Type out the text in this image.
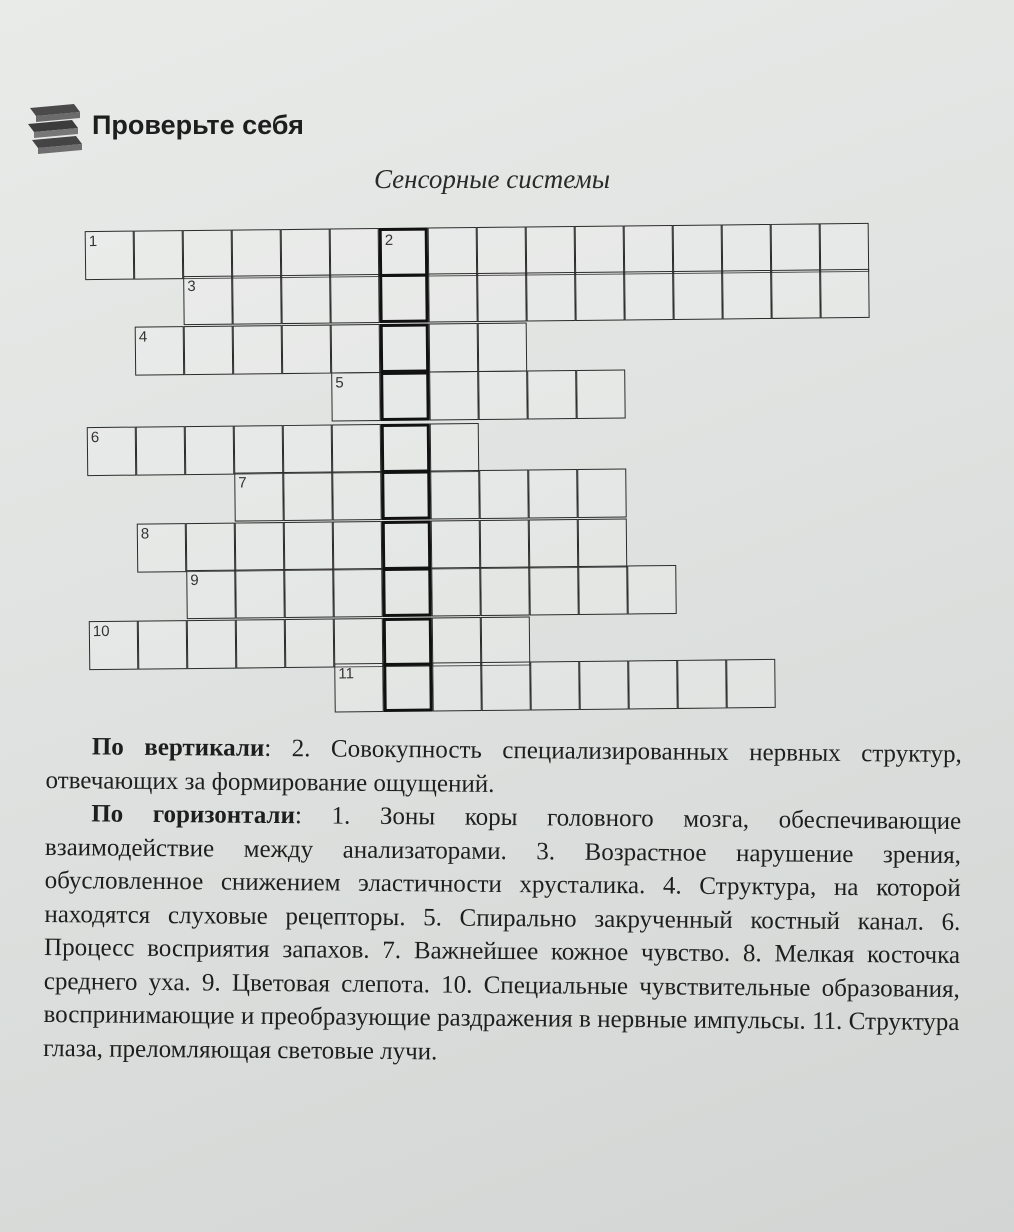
Проверьте себя
Сенсорные системы
1	2
3
4
5
6
7
8
9
10
11

По вертикали: 2. Совокупность специализированных нервных структур, отвечающих за формирование ощущений.

По горизонтали: 1. Зоны коры головного мозга, обеспечивающие взаимодействие между анализаторами. 3. Возрастное нарушение зрения, обусловленное снижением эластичности хрусталика. 4. Структура, на которой находятся слуховые рецепторы. 5. Спирально закрученный костный канал. 6. Процесс восприятия запахов. 7. Важнейшее кожное чувство. 8. Мелкая косточка среднего уха. 9. Цветовая слепота. 10. Специальные чувствительные образования, воспринимающие и преобразующие раздражения в нервные импульсы. 11. Структура глаза, преломляющая световые лучи.
